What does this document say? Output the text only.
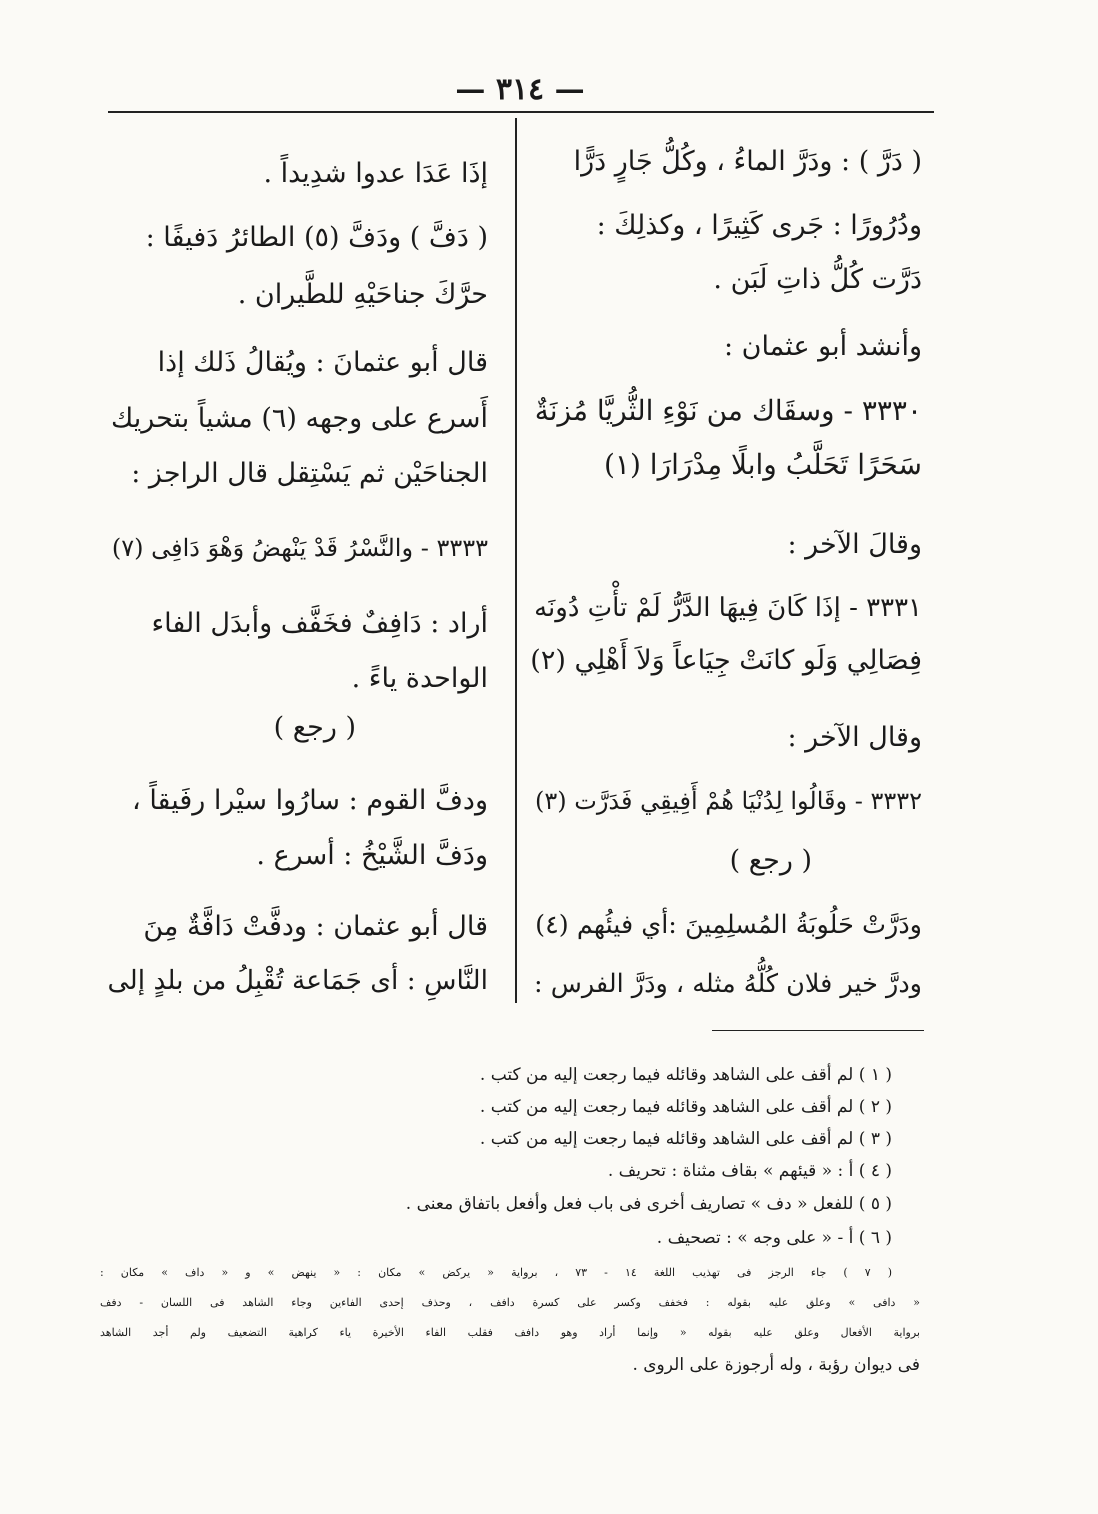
— ٣١٤ —
( دَرَّ ) : ودَرَّ الماءُ ، وكُلُّ جَارٍ دَرًّا
ودُرُورًا : جَرى كَثِيرًا ، وكذلِكَ :
دَرَّت كُلُّ ذاتِ لَبَن .
وأنشد أبو عثمان :
٣٣٣٠ - وسقَاك من نَوْءِ الثُّريَّا مُزنَةٌ
سَحَرًا تَحَلَّبُ وابلًا مِدْرَارَا (١)
وقالَ الآخر :
٣٣٣١ - إذَا كَانَ فِيهَا الدَّرُّ لَمْ تأْتِ دُونَه
فِصَالِي وَلَو كانَتْ جِيَاعاً وَلاَ أَهْلِي (٢)
وقال الآخر :
٣٣٣٢ - وقَالُوا لِدُنْيَا هُمْ أَفِيقِي فَدَرَّت (٣)
( رجع )
ودَرَّتْ حَلُوبَةُ المُسلِمِينَ :أي فيئُهم (٤)
ودرَّ خير فلان كُلُّهُ مثله ، ودَرَّ الفرس :
إذَا عَدَا عدوا شدِيداً .
( دَفَّ ) ودَفَّ (٥) الطائرُ دَفيفًا :
حرَّكَ جناحَيْهِ للطَّيران .
قال أبو عثمانَ : ويُقالُ ذَلك إذا
أَسرع على وجهه (٦) مشياً بتحريك
الجناحَيْن ثم يَسْتِقل قال الراجز :
٣٣٣٣ - والنَّسْرُ قَدْ يَنْهضُ وَهْوَ دَافِى (٧)
أراد : دَافِفٌ فخَفَّف وأبدَل الفاء
الواحدة ياءً .
( رجع )
ودفَّ القوم : سارُوا سيْرا رفَيقاً ،
ودَفَّ الشَّيْخُ : أسرع .
قال أبو عثمان : ودفَّتْ دَافَّةٌ مِنَ
النَّاسِ : أى جَمَاعة تُقْبِلُ من بلدٍ إلى
( ١ ) لم أقف على الشاهد وقائله فيما رجعت إليه من كتب .
( ٢ ) لم أقف على الشاهد وقائله فيما رجعت إليه من كتب .
( ٣ ) لم أقف على الشاهد وقائله فيما رجعت إليه من كتب .
( ٤ ) أ : « قيئهم » بقاف مثناة : تحريف .
( ٥ ) للفعل « دف » تصاريف أخرى فى باب فعل وأفعل باتفاق معنى .
( ٦ ) أ - « على وجه » : تصحيف .
( ٧ ) جاء الرجز فى تهذيب اللغة ١٤ - ٧٣ ، برواية « يركض » مكان : « ينهض » و « داف » مكان :
« دافى » وعلق عليه بقوله : فخفف وكسر على كسرة دافف ، وحذف إحدى الفاءين وجاء الشاهد فى اللسان - دفف
برواية الأفعال وعلق عليه بقوله « وإنما أراد وهو دافف فقلب الفاء الأخيرة ياء كراهية التضعيف ولم أجد الشاهد
فى ديوان رؤبة ، وله أرجوزة على الروى .
